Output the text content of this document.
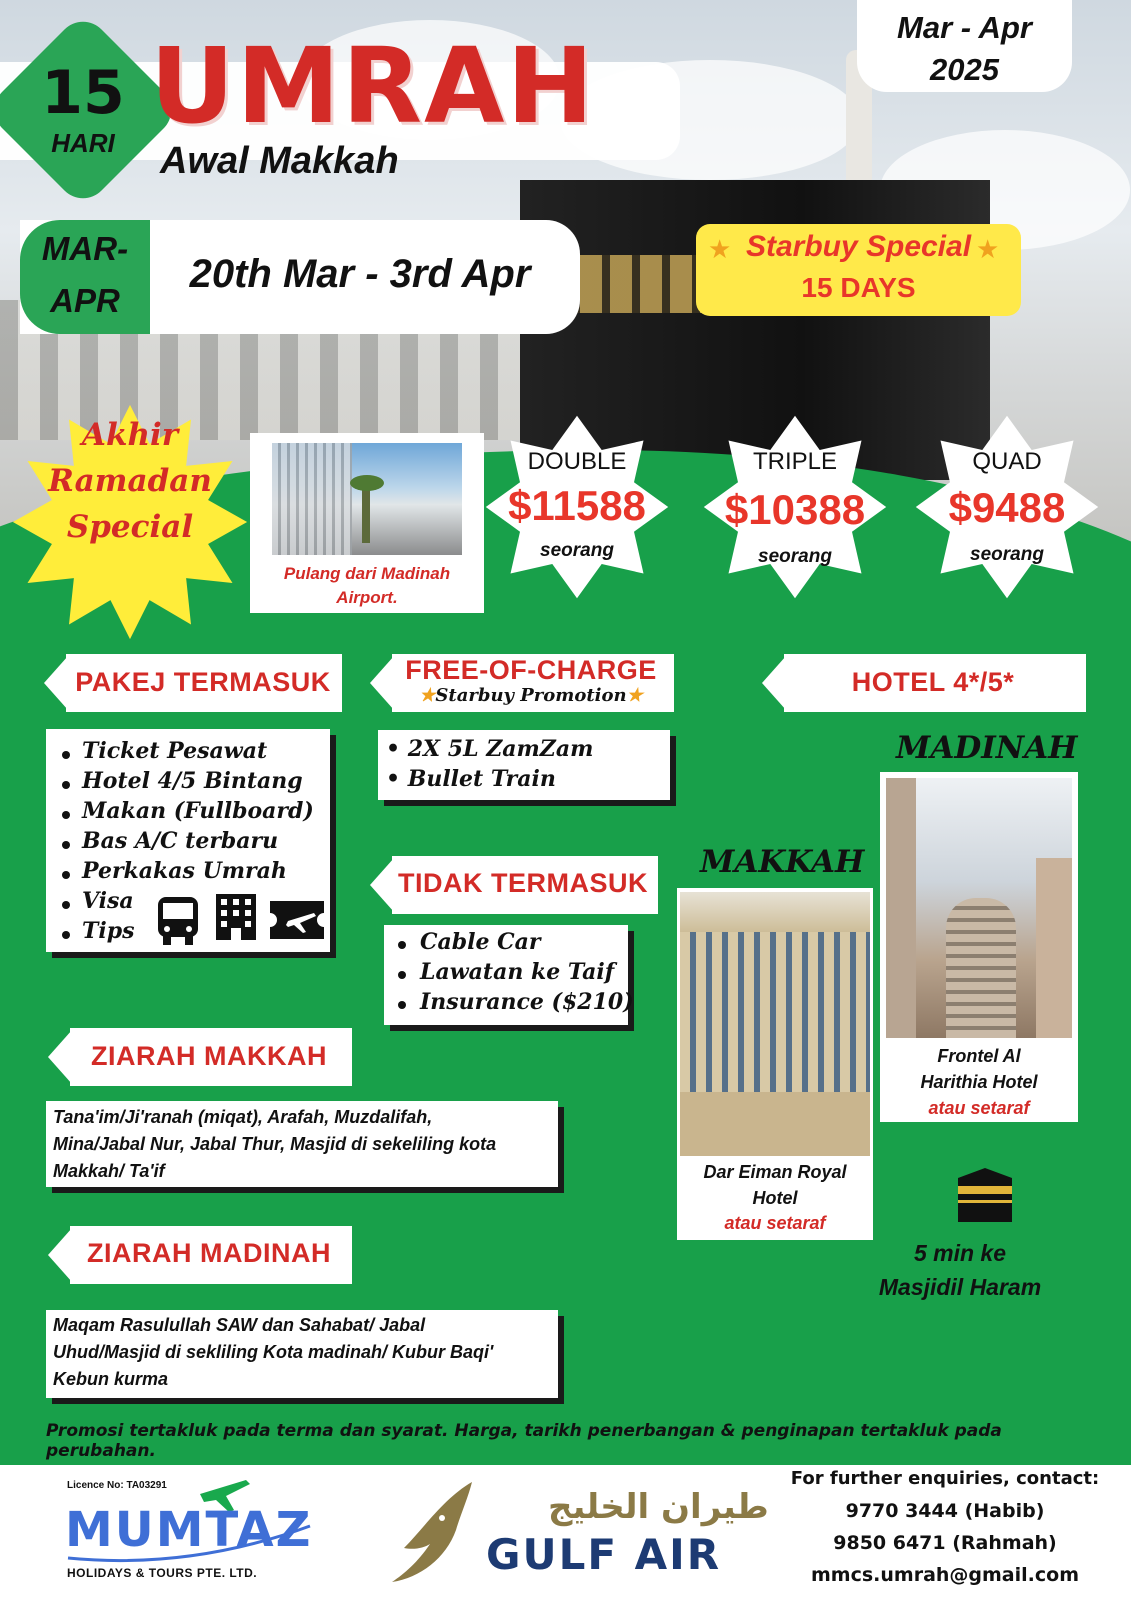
15
HARI UMRAH
Awal Makkah
Mar - Apr
2025
MAR-
APR
20th Mar - 3rd Apr
★	★
Starbuy Special
15 DAYS
Akhir
Ramadan
Special
Pulang dari Madinah
Airport.
DOUBLE
$11588
seorang
TRIPLE
$10388
seorang
QUAD
$9488
seorang
PAKEJ TERMASUK
Ticket Pesawat
Hotel 4/5 Bintang
Makan (Fullboard)
Bas A/C terbaru
Perkakas Umrah
Visa
Tips
FREE-OF-CHARGE
★Starbuy Promotion★
• 2X 5L ZamZam
• Bullet Train
TIDAK TERMASUK
Cable Car
Lawatan ke Taif
Insurance ($210)
HOTEL 4*/5*
ZIARAH MAKKAH
Tana'im/Ji'ranah (miqat), Arafah, Muzdalifah,
Mina/Jabal Nur, Jabal Thur, Masjid di sekeliling kota
Makkah/ Ta'if
ZIARAH MADINAH
Maqam Rasulullah SAW dan Sahabat/ Jabal
Uhud/Masjid di sekliling Kota madinah/ Kubur Baqi'
Kebun kurma
MADINAH
Frontel Al
Harithia Hotel
atau setaraf
MAKKAH
Dar Eiman Royal
Hotel
atau setaraf
5 min ke
Masjidil Haram
Promosi tertakluk pada terma dan syarat. Harga, tarikh penerbangan & penginapan tertakluk pada perubahan.
Licence No: TA03291
MUMTAZ
HOLIDAYS & TOURS PTE. LTD.
طيران الخليج
GULF AIR
For further enquiries, contact:
9770 3444 (Habib)
9850 6471 (Rahmah)
mmcs.umrah@gmail.com
